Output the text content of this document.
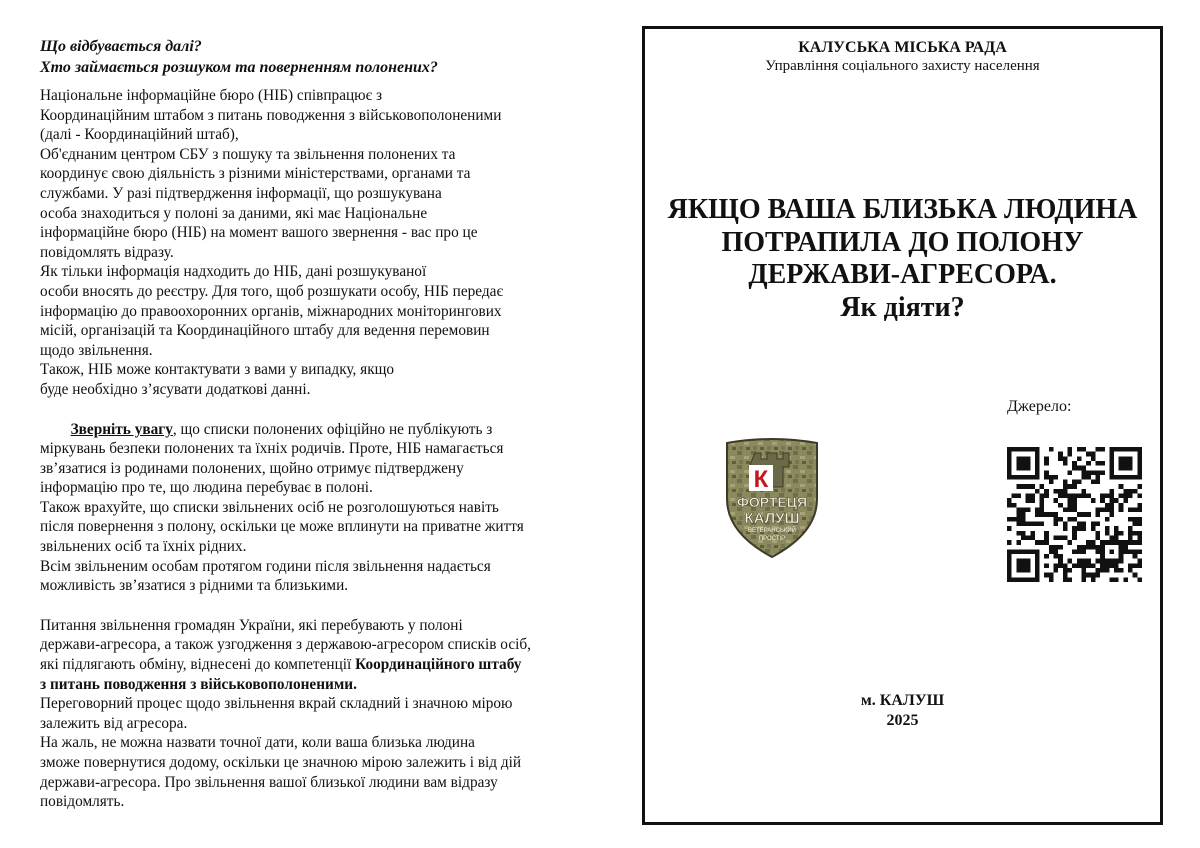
Що відбувається далі?

Хто займається розшуком та поверненням полонених?

Національне інформаційне бюро (НІБ) співпрацює з
Координаційним штабом з питань поводження з військовополоненими
(далі - Координаційний штаб),

Об'єднаним центром СБУ з пошуку та звільнення полонених та
координує свою діяльність з різними міністерствами, органами та
службами. У разі підтвердження інформації, що розшукувана
особа знаходиться у полоні за даними, які має Національне
інформаційне бюро (НІБ) на момент вашого звернення - вас про це
повідомлять відразу.

Як тільки інформація надходить до НІБ, дані розшукуваної
особи вносять до реєстру. Для того, щоб розшукати особу, НІБ передає
інформацію до правоохоронних органів, міжнародних моніторингових
місій, організацій та Координаційного штабу для ведення перемовин
щодо звільнення.

Також, НІБ може контактувати з вами у випадку, якщо
буде необхідно з’ясувати додаткові данні.

Зверніть увагу, що списки полонених офіційно не публікують з
міркувань безпеки полонених та їхніх родичів. Проте, НІБ намагається
зв’язатися із родинами полонених, щойно отримує підтверджену
інформацію про те, що людина перебуває в полоні.

Також врахуйте, що списки звільнених осіб не розголошуються навіть
після повернення з полону, оскільки це може вплинути на приватне життя
звільнених осіб та їхніх рідних.

Всім звільненим особам протягом години після звільнення надається
можливість зв’язатися з рідними та близькими.

Питання звільнення громадян України, які перебувають у полоні
держави-агресора, а також узгодження з державою-агресором списків осіб,
які підлягають обміну, віднесені до компетенції Координаційного штабу
з питань поводження з військовополоненими.

Переговорний процес щодо звільнення вкрай складний і значною мірою
залежить від агресора.

На жаль, не можна назвати точної дати, коли ваша близька людина
зможе повернутися додому, оскільки це значною мірою залежить і від дій
держави-агресора. Про звільнення вашої близької людини вам відразу
повідомлять.

КАЛУСЬКА МІСЬКА РАДА
Управління соціального захисту населення
ЯКЩО ВАША БЛИЗЬКА ЛЮДИНА
ПОТРАПИЛА ДО ПОЛОНУ
ДЕРЖАВИ-АГРЕСОРА.
Як діяти?
Джерело:
К
ФОРТЕЦЯ
КАЛУШ
ВЕТЕРАНСЬКИЙ
ПРОСТІР
м. КАЛУШ
2025
